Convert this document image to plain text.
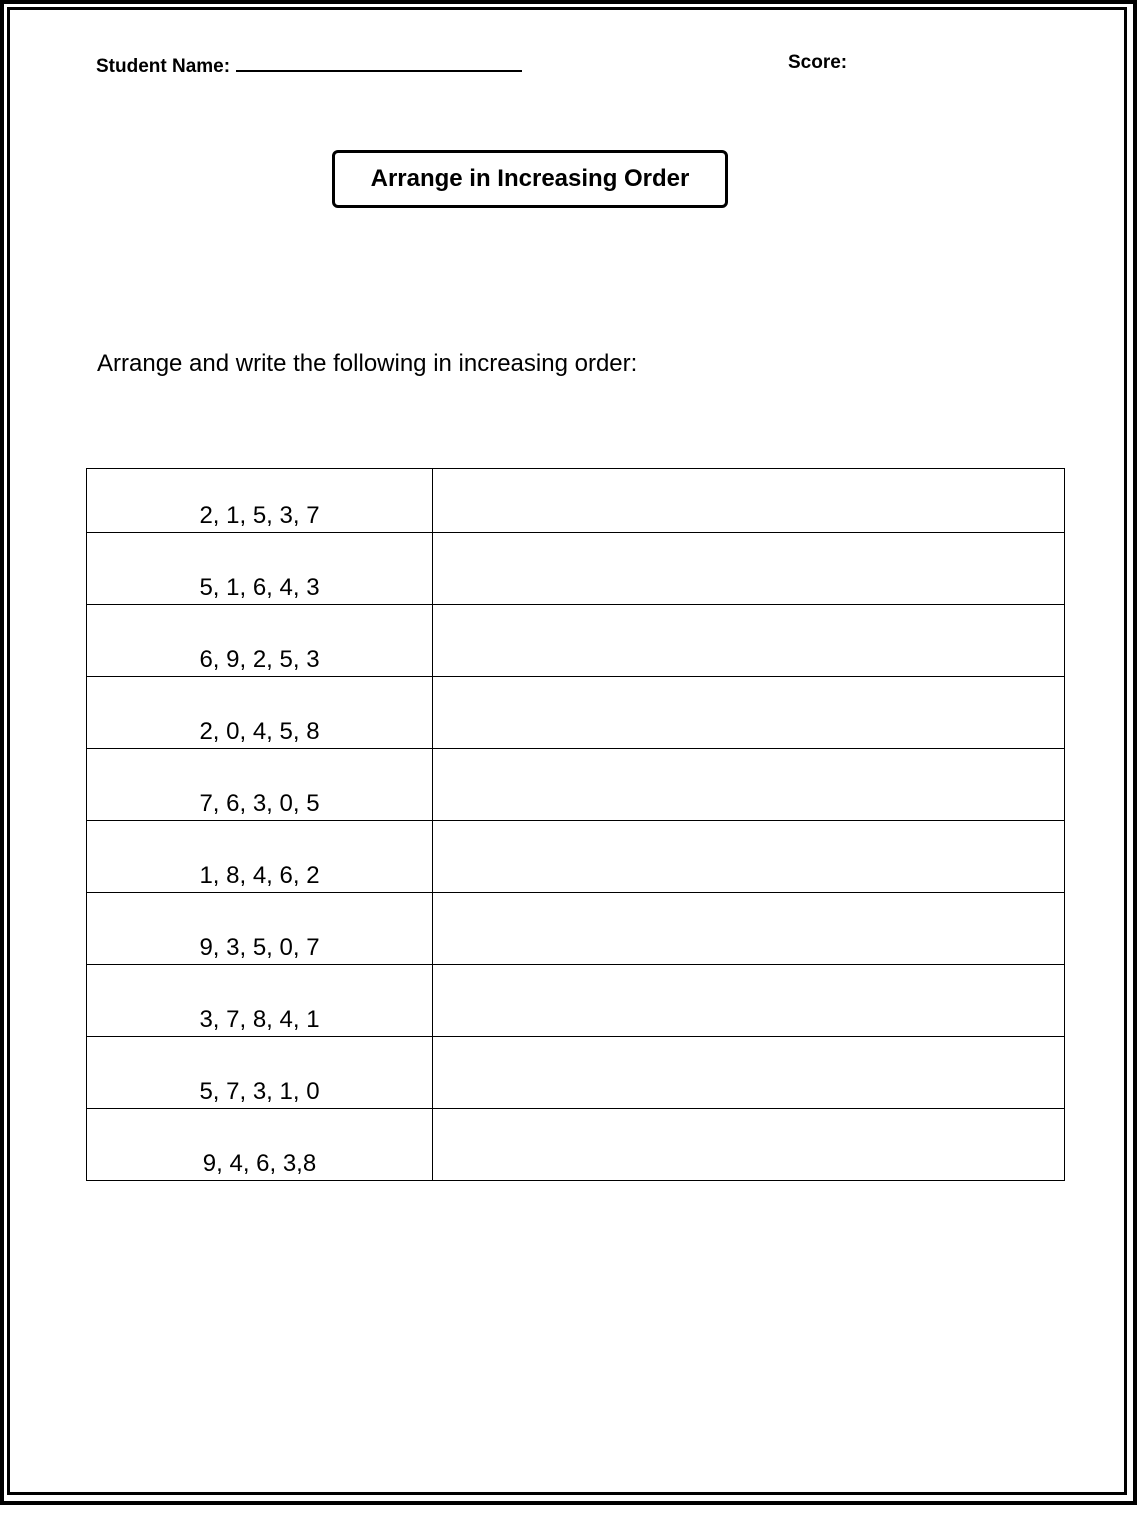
Student Name:	Score:
Arrange in Increasing Order
Arrange and write the following in increasing order:
2, 1, 5, 3, 7	
5, 1, 6, 4, 3	
6, 9, 2, 5, 3	
2, 0, 4, 5, 8	
7, 6, 3, 0, 5	
1, 8, 4, 6, 2	
9, 3, 5, 0, 7	
3, 7, 8, 4, 1	
5, 7, 3, 1, 0	
9, 4, 6, 3,8	
